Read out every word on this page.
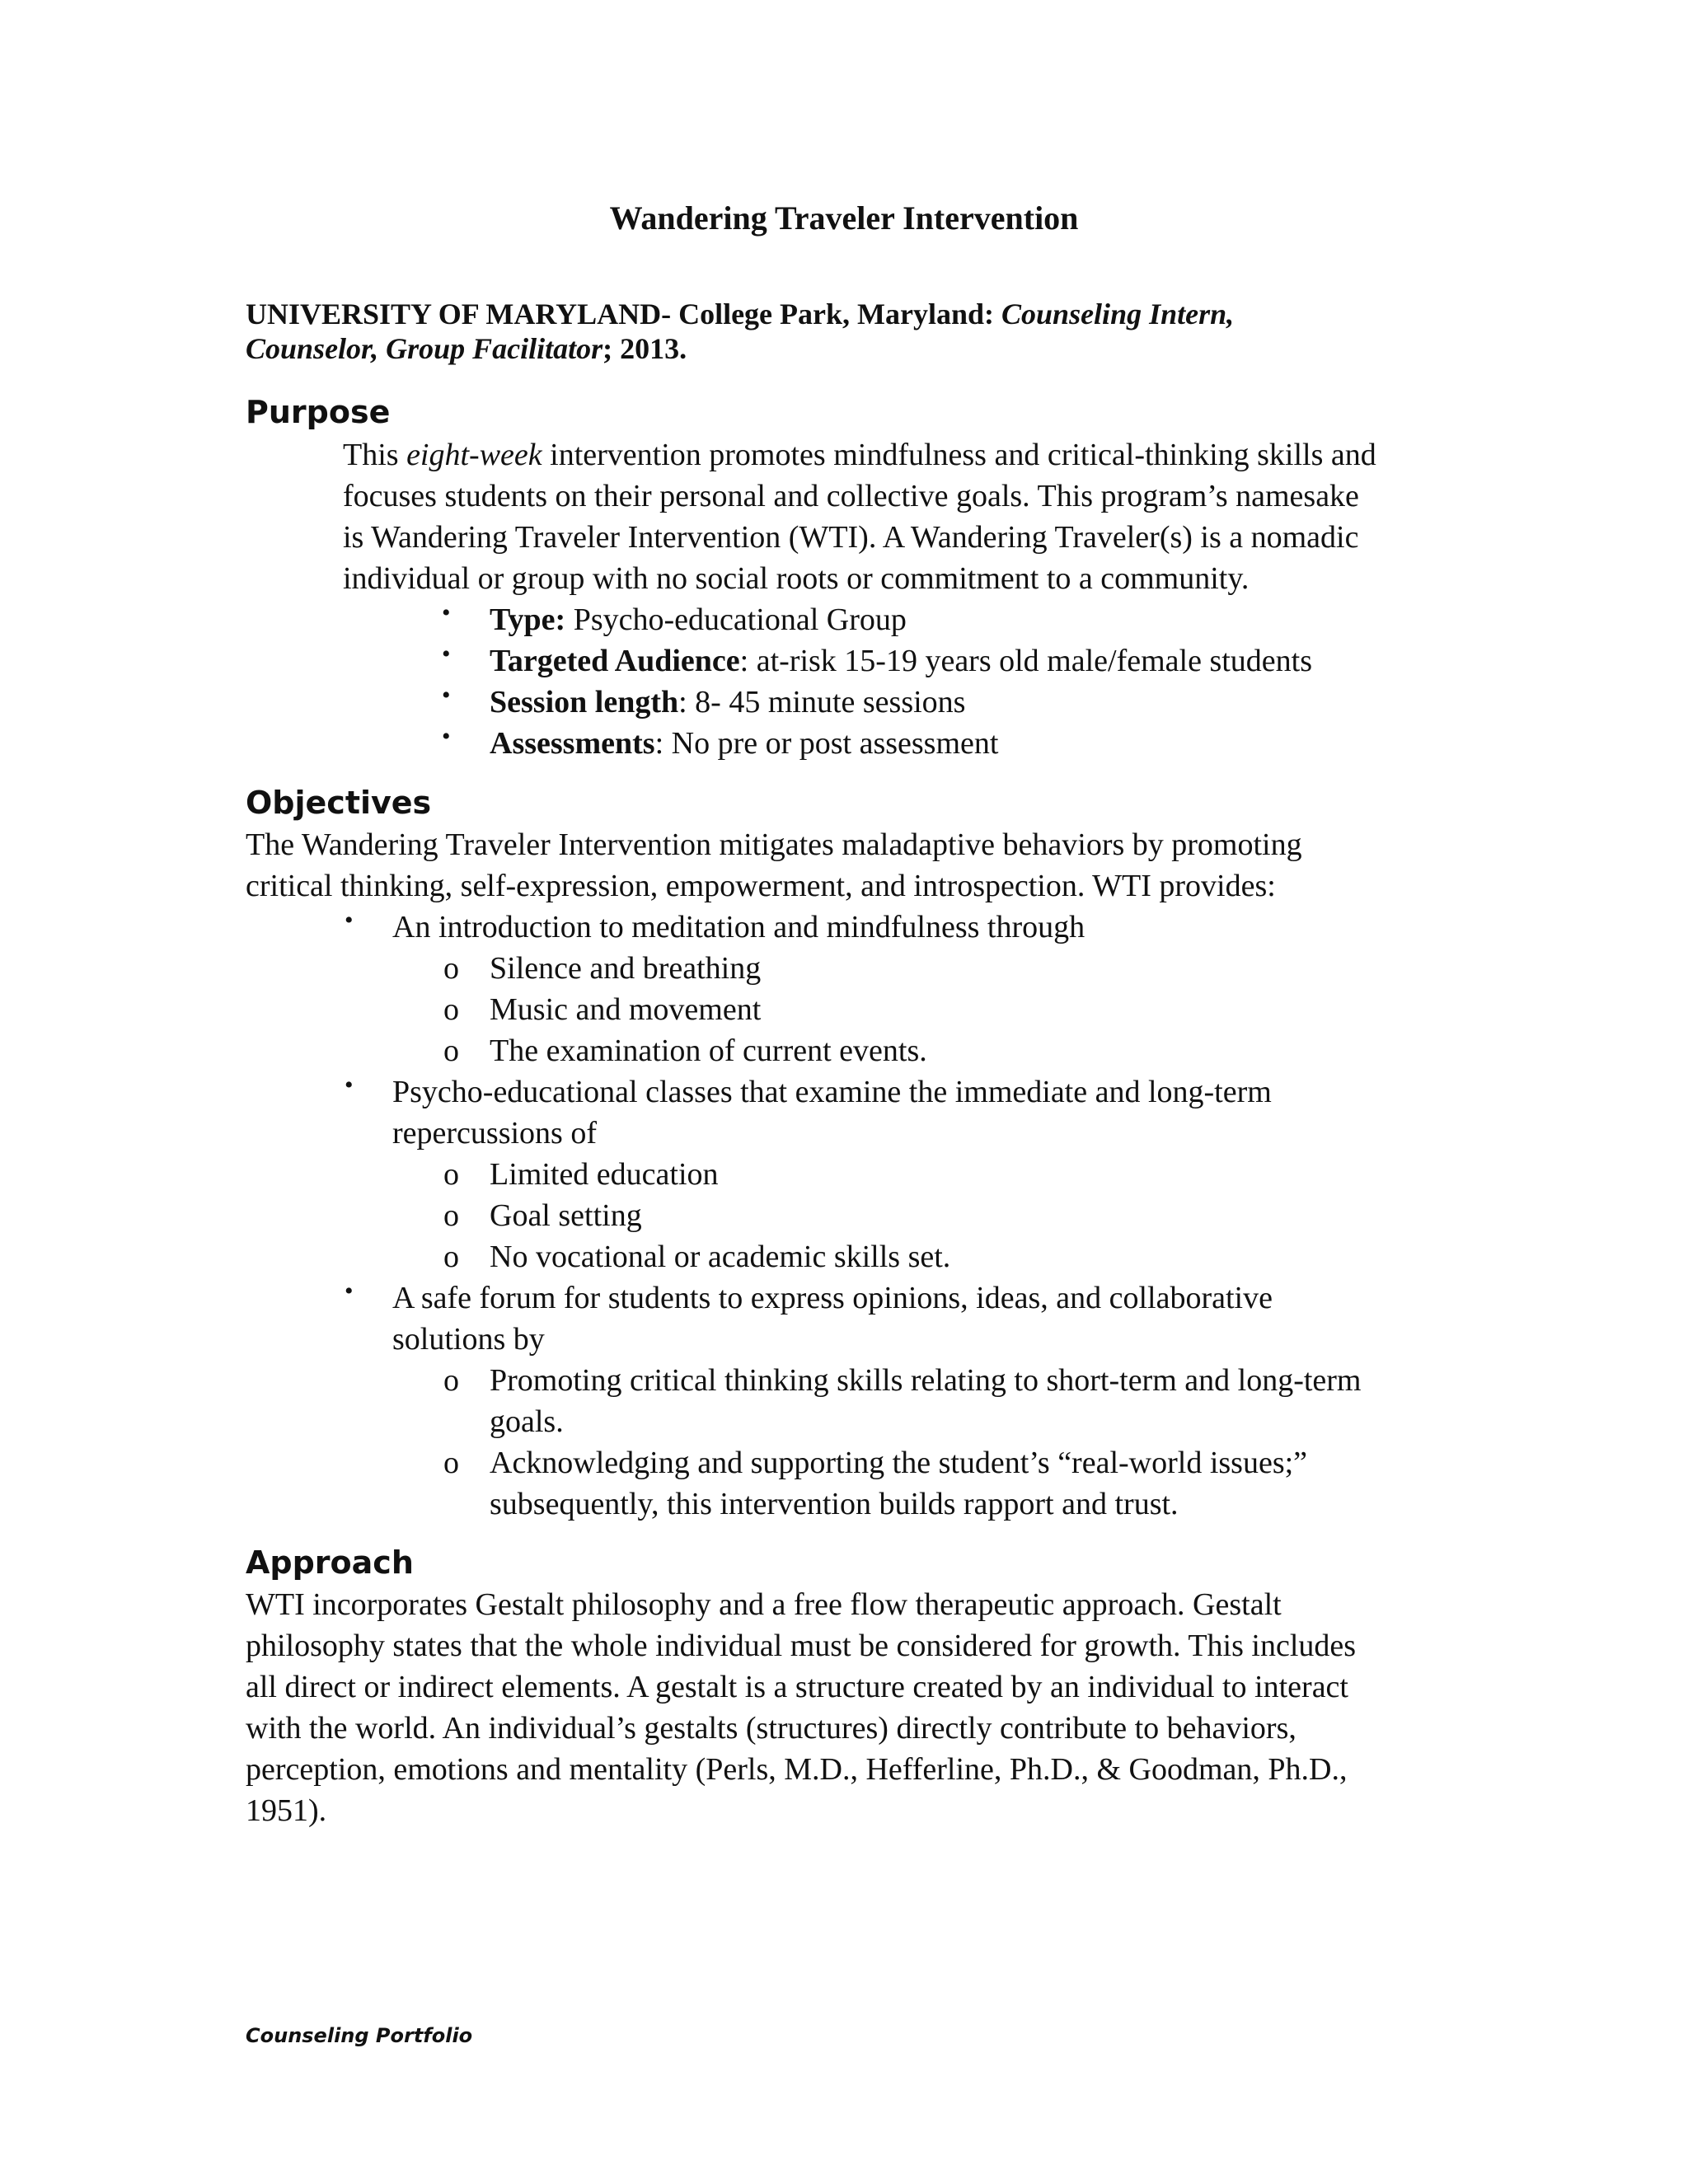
Wandering Traveler Intervention
UNIVERSITY OF MARYLAND- College Park, Maryland: Counseling Intern,
Counselor, Group Facilitator; 2013.
Purpose
This eight-week intervention promotes mindfulness and critical-thinking skills and
focuses students on their personal and collective goals. This program’s namesake
is Wandering Traveler Intervention (WTI). A Wandering Traveler(s) is a nomadic
individual or group with no social roots or commitment to a community.
• Type: Psycho-educational Group
• Targeted Audience: at-risk 15-19 years old male/female students
• Session length: 8- 45 minute sessions
• Assessments: No pre or post assessment
Objectives
The Wandering Traveler Intervention mitigates maladaptive behaviors by promoting
critical thinking, self-expression, empowerment, and introspection. WTI provides:
• An introduction to meditation and mindfulness through
o Silence and breathing
o Music and movement
o The examination of current events.
• Psycho-educational classes that examine the immediate and long-term
repercussions of
o Limited education
o Goal setting
o No vocational or academic skills set.
• A safe forum for students to express opinions, ideas, and collaborative
solutions by
o Promoting critical thinking skills relating to short-term and long-term
goals.
o Acknowledging and supporting the student’s “real-world issues;”
subsequently, this intervention builds rapport and trust.
Approach
WTI incorporates Gestalt philosophy and a free flow therapeutic approach. Gestalt
philosophy states that the whole individual must be considered for growth. This includes
all direct or indirect elements. A gestalt is a structure created by an individual to interact
with the world. An individual’s gestalts (structures) directly contribute to behaviors,
perception, emotions and mentality (Perls, M.D., Hefferline, Ph.D., & Goodman, Ph.D.,
1951).
Counseling Portfolio
